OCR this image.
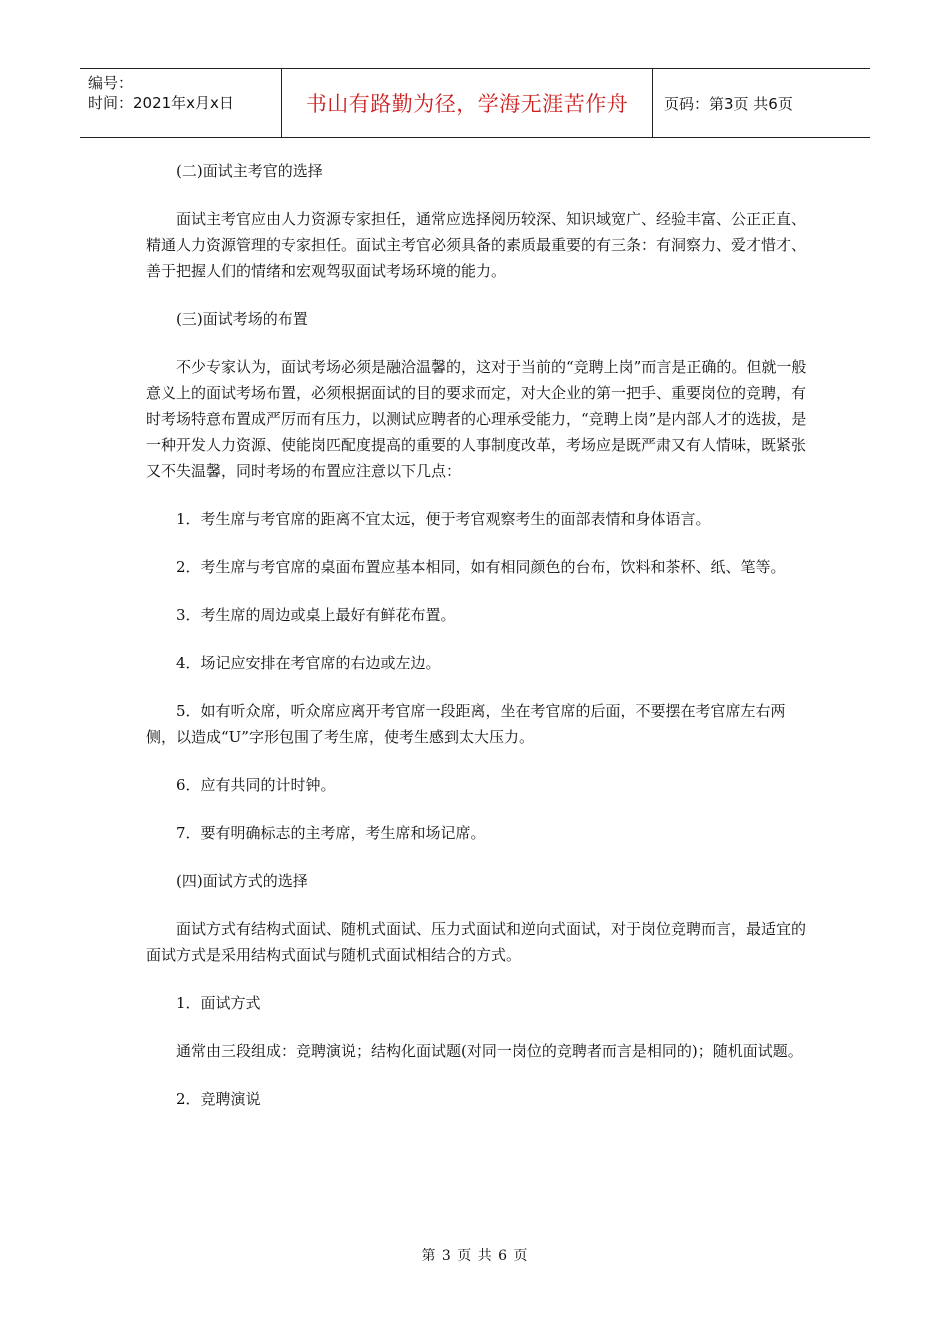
编号：
时间：2021年x月x日	书山有路勤为径，学海无涯苦作舟	页码：第3页 共6页

(二)面试主考官的选择

面试主考官应由人力资源专家担任，通常应选择阅历较深、知识域宽广、经验丰富、公正正直、精通人力资源管理的专家担任。面试主考官必须具备的素质最重要的有三条：有洞察力、爱才惜才、善于把握人们的情绪和宏观驾驭面试考场环境的能力。

(三)面试考场的布置

不少专家认为，面试考场必须是融洽温馨的，这对于当前的“竞聘上岗”而言是正确的。但就一般意义上的面试考场布置，必须根据面试的目的要求而定，对大企业的第一把手、重要岗位的竞聘，有时考场特意布置成严厉而有压力，以测试应聘者的心理承受能力，“竞聘上岗”是内部人才的选拔，是一种开发人力资源、使能岗匹配度提高的重要的人事制度改革，考场应是既严肃又有人情味，既紧张又不失温馨，同时考场的布置应注意以下几点：

1．考生席与考官席的距离不宜太远，便于考官观察考生的面部表情和身体语言。

2．考生席与考官席的桌面布置应基本相同，如有相同颜色的台布，饮料和茶杯、纸、笔等。

3．考生席的周边或桌上最好有鲜花布置。

4．场记应安排在考官席的右边或左边。

5．如有听众席，听众席应离开考官席一段距离，坐在考官席的后面，不要摆在考官席左右两侧，以造成“U”字形包围了考生席，使考生感到太大压力。

6．应有共同的计时钟。

7．要有明确标志的主考席，考生席和场记席。

(四)面试方式的选择

面试方式有结构式面试、随机式面试、压力式面试和逆向式面试，对于岗位竞聘而言，最适宜的面试方式是采用结构式面试与随机式面试相结合的方式。

1．面试方式

通常由三段组成：竞聘演说；结构化面试题(对同一岗位的竞聘者而言是相同的)；随机面试题。

2．竞聘演说

第 3 页 共 6 页
